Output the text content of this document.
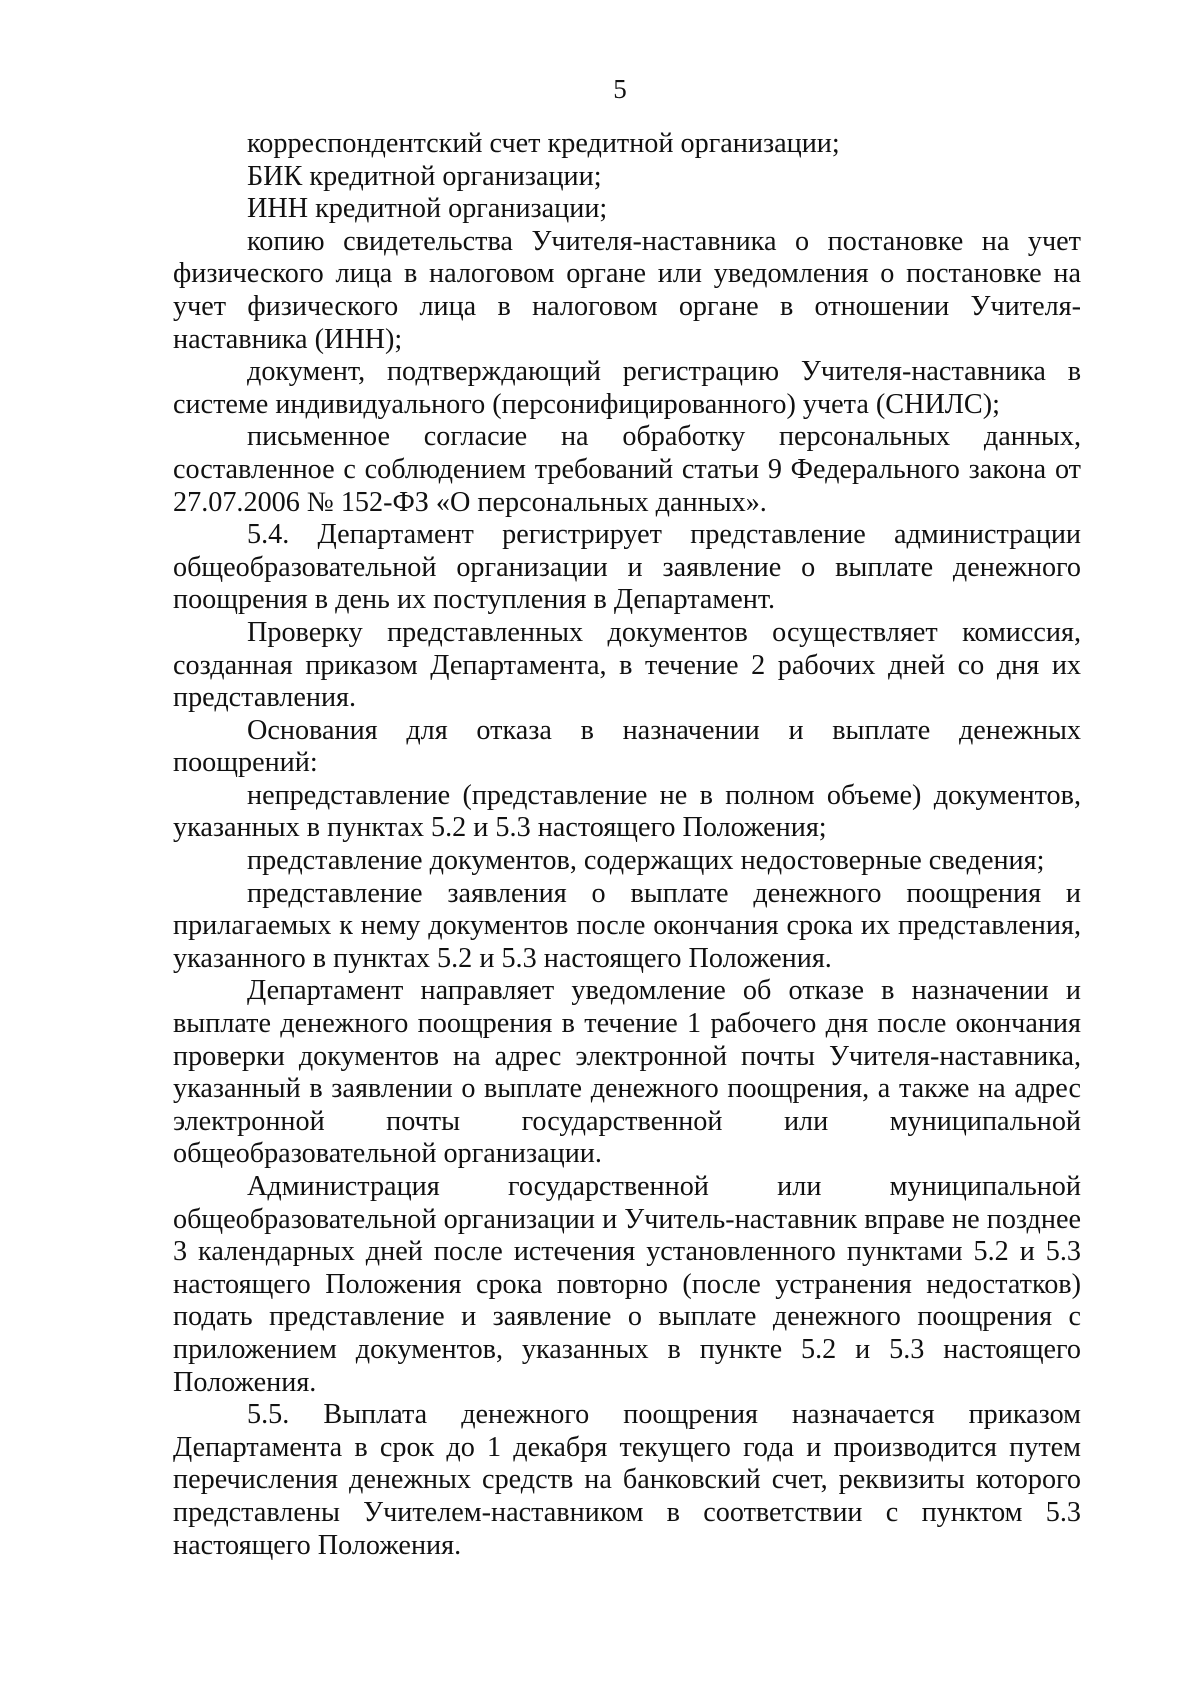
5

корреспондентский счет кредитной организации;

БИК кредитной организации;

ИНН кредитной организации;

копию свидетельства Учителя-наставника о постановке на учет физического лица в налоговом органе или уведомления о постановке на учет физического лица в налоговом органе в отношении Учителя-наставника (ИНН);

документ, подтверждающий регистрацию Учителя-наставника в системе индивидуального (персонифицированного) учета (СНИЛС);

письменное согласие на обработку персональных данных, составленное с соблюдением требований статьи 9 Федерального закона от 27.07.2006 № 152-ФЗ «О персональных данных».

5.4. Департамент регистрирует представление администрации общеобразовательной организации и заявление о выплате денежного поощрения в день их поступления в Департамент.

Проверку представленных документов осуществляет комиссия, созданная приказом Департамента, в течение 2 рабочих дней со дня их представления.

Основания для отказа в назначении и выплате денежных поощрений:

непредставление (представление не в полном объеме) документов, указанных в пунктах 5.2 и 5.3 настоящего Положения;

представление документов, содержащих недостоверные сведения;

представление заявления о выплате денежного поощрения и прилагаемых к нему документов после окончания срока их представления, указанного в пунктах 5.2 и 5.3 настоящего Положения.

Департамент направляет уведомление об отказе в назначении и выплате денежного поощрения в течение 1 рабочего дня после окончания проверки документов на адрес электронной почты Учителя-наставника, указанный в заявлении о выплате денежного поощрения, а также на адрес электронной почты государственной или муниципальной общеобразовательной организации.

Администрация государственной или муниципальной общеобразовательной организации и Учитель-наставник вправе не позднее 3 календарных дней после истечения установленного пунктами 5.2 и 5.3 настоящего Положения срока повторно (после устранения недостатков) подать представление и заявление о выплате денежного поощрения с приложением документов, указанных в пункте 5.2 и 5.3 настоящего Положения.

5.5. Выплата денежного поощрения назначается приказом Департамента в срок до 1 декабря текущего года и производится путем перечисления денежных средств на банковский счет, реквизиты которого представлены Учителем-наставником в соответствии с пунктом 5.3 настоящего Положения.
